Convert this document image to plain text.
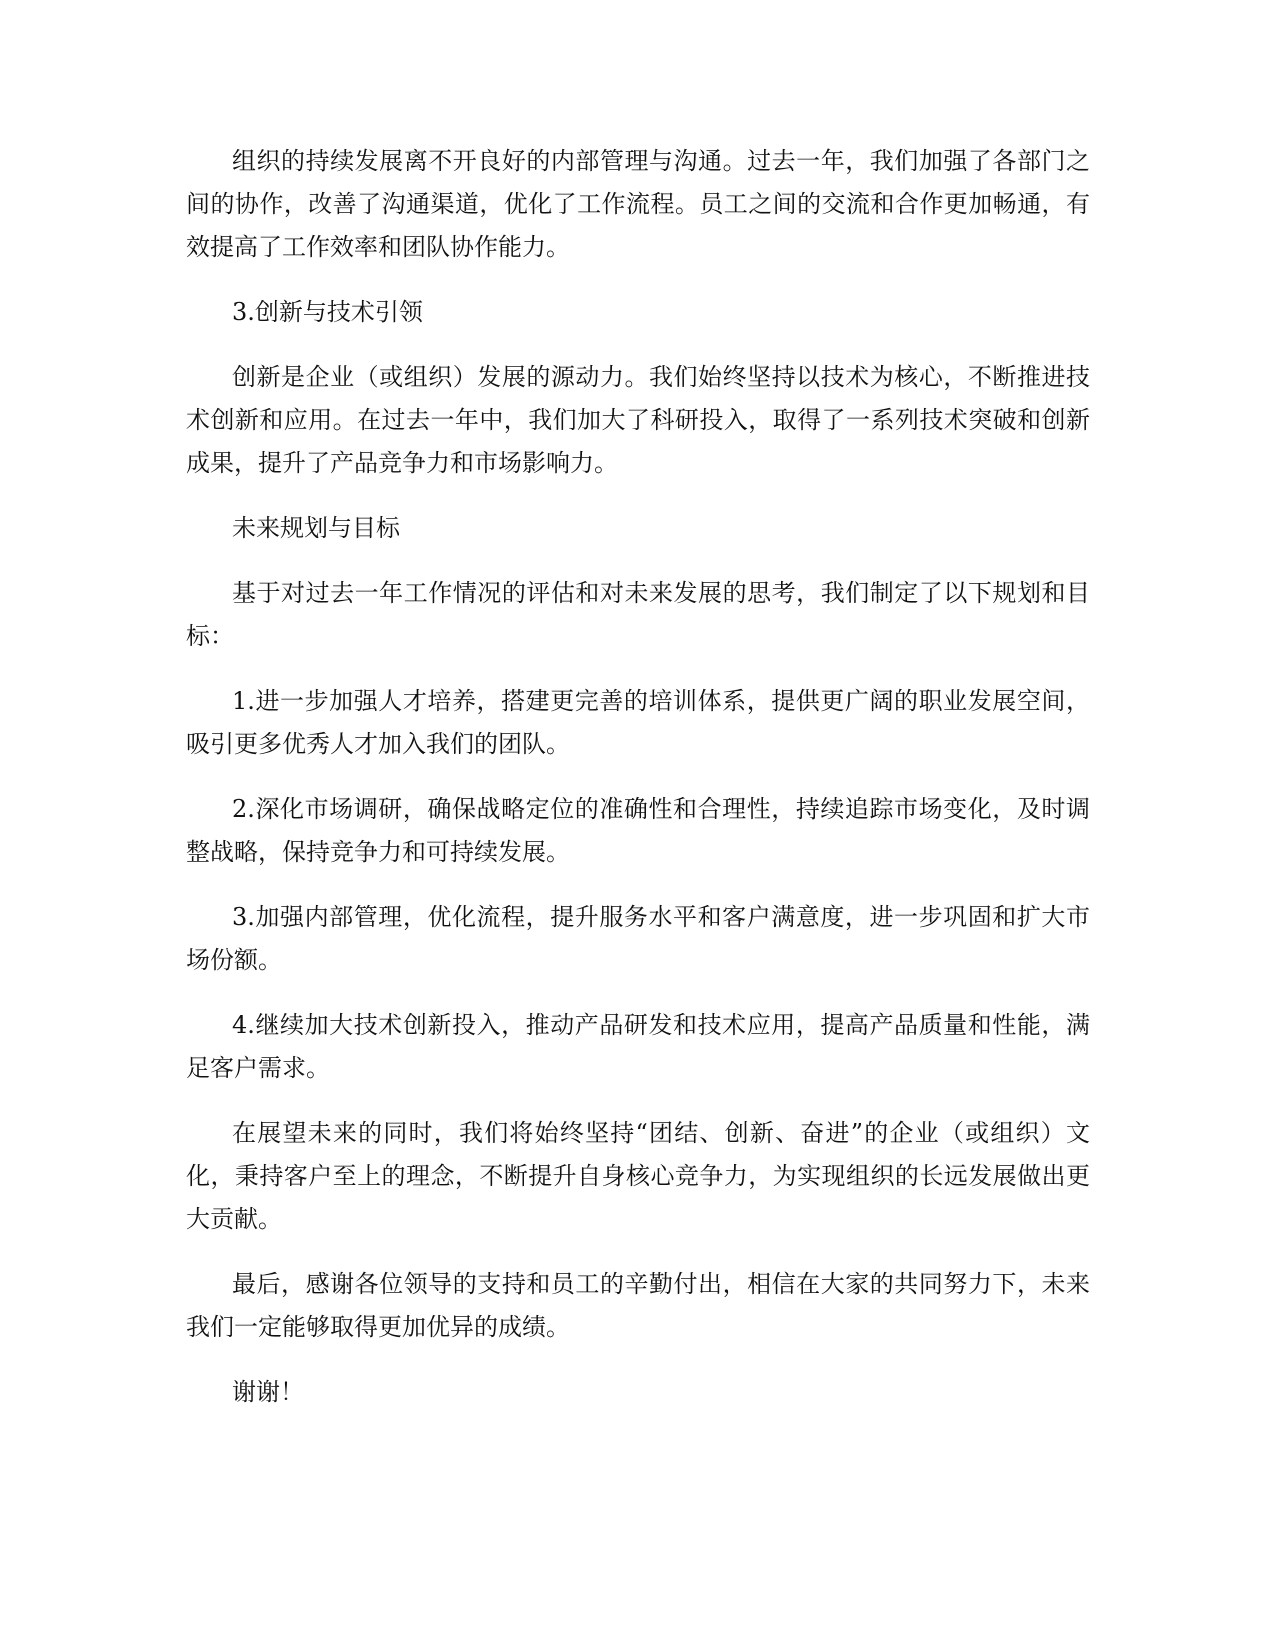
组织的持续发展离不开良好的内部管理与沟通。过去一年，我们加强了各部门之间的协作，改善了沟通渠道，优化了工作流程。员工之间的交流和合作更加畅通，有效提高了工作效率和团队协作能力。

3.创新与技术引领

创新是企业（或组织）发展的源动力。我们始终坚持以技术为核心，不断推进技术创新和应用。在过去一年中，我们加大了科研投入，取得了一系列技术突破和创新成果，提升了产品竞争力和市场影响力。

未来规划与目标

基于对过去一年工作情况的评估和对未来发展的思考，我们制定了以下规划和目标：

1.进一步加强人才培养，搭建更完善的培训体系，提供更广阔的职业发展空间，吸引更多优秀人才加入我们的团队。

2.深化市场调研，确保战略定位的准确性和合理性，持续追踪市场变化，及时调整战略，保持竞争力和可持续发展。

3.加强内部管理，优化流程，提升服务水平和客户满意度，进一步巩固和扩大市场份额。

4.继续加大技术创新投入，推动产品研发和技术应用，提高产品质量和性能，满足客户需求。

在展望未来的同时，我们将始终坚持“团结、创新、奋进”的企业（或组织）文化，秉持客户至上的理念，不断提升自身核心竞争力，为实现组织的长远发展做出更大贡献。

最后，感谢各位领导的支持和员工的辛勤付出，相信在大家的共同努力下，未来我们一定能够取得更加优异的成绩。

谢谢！
